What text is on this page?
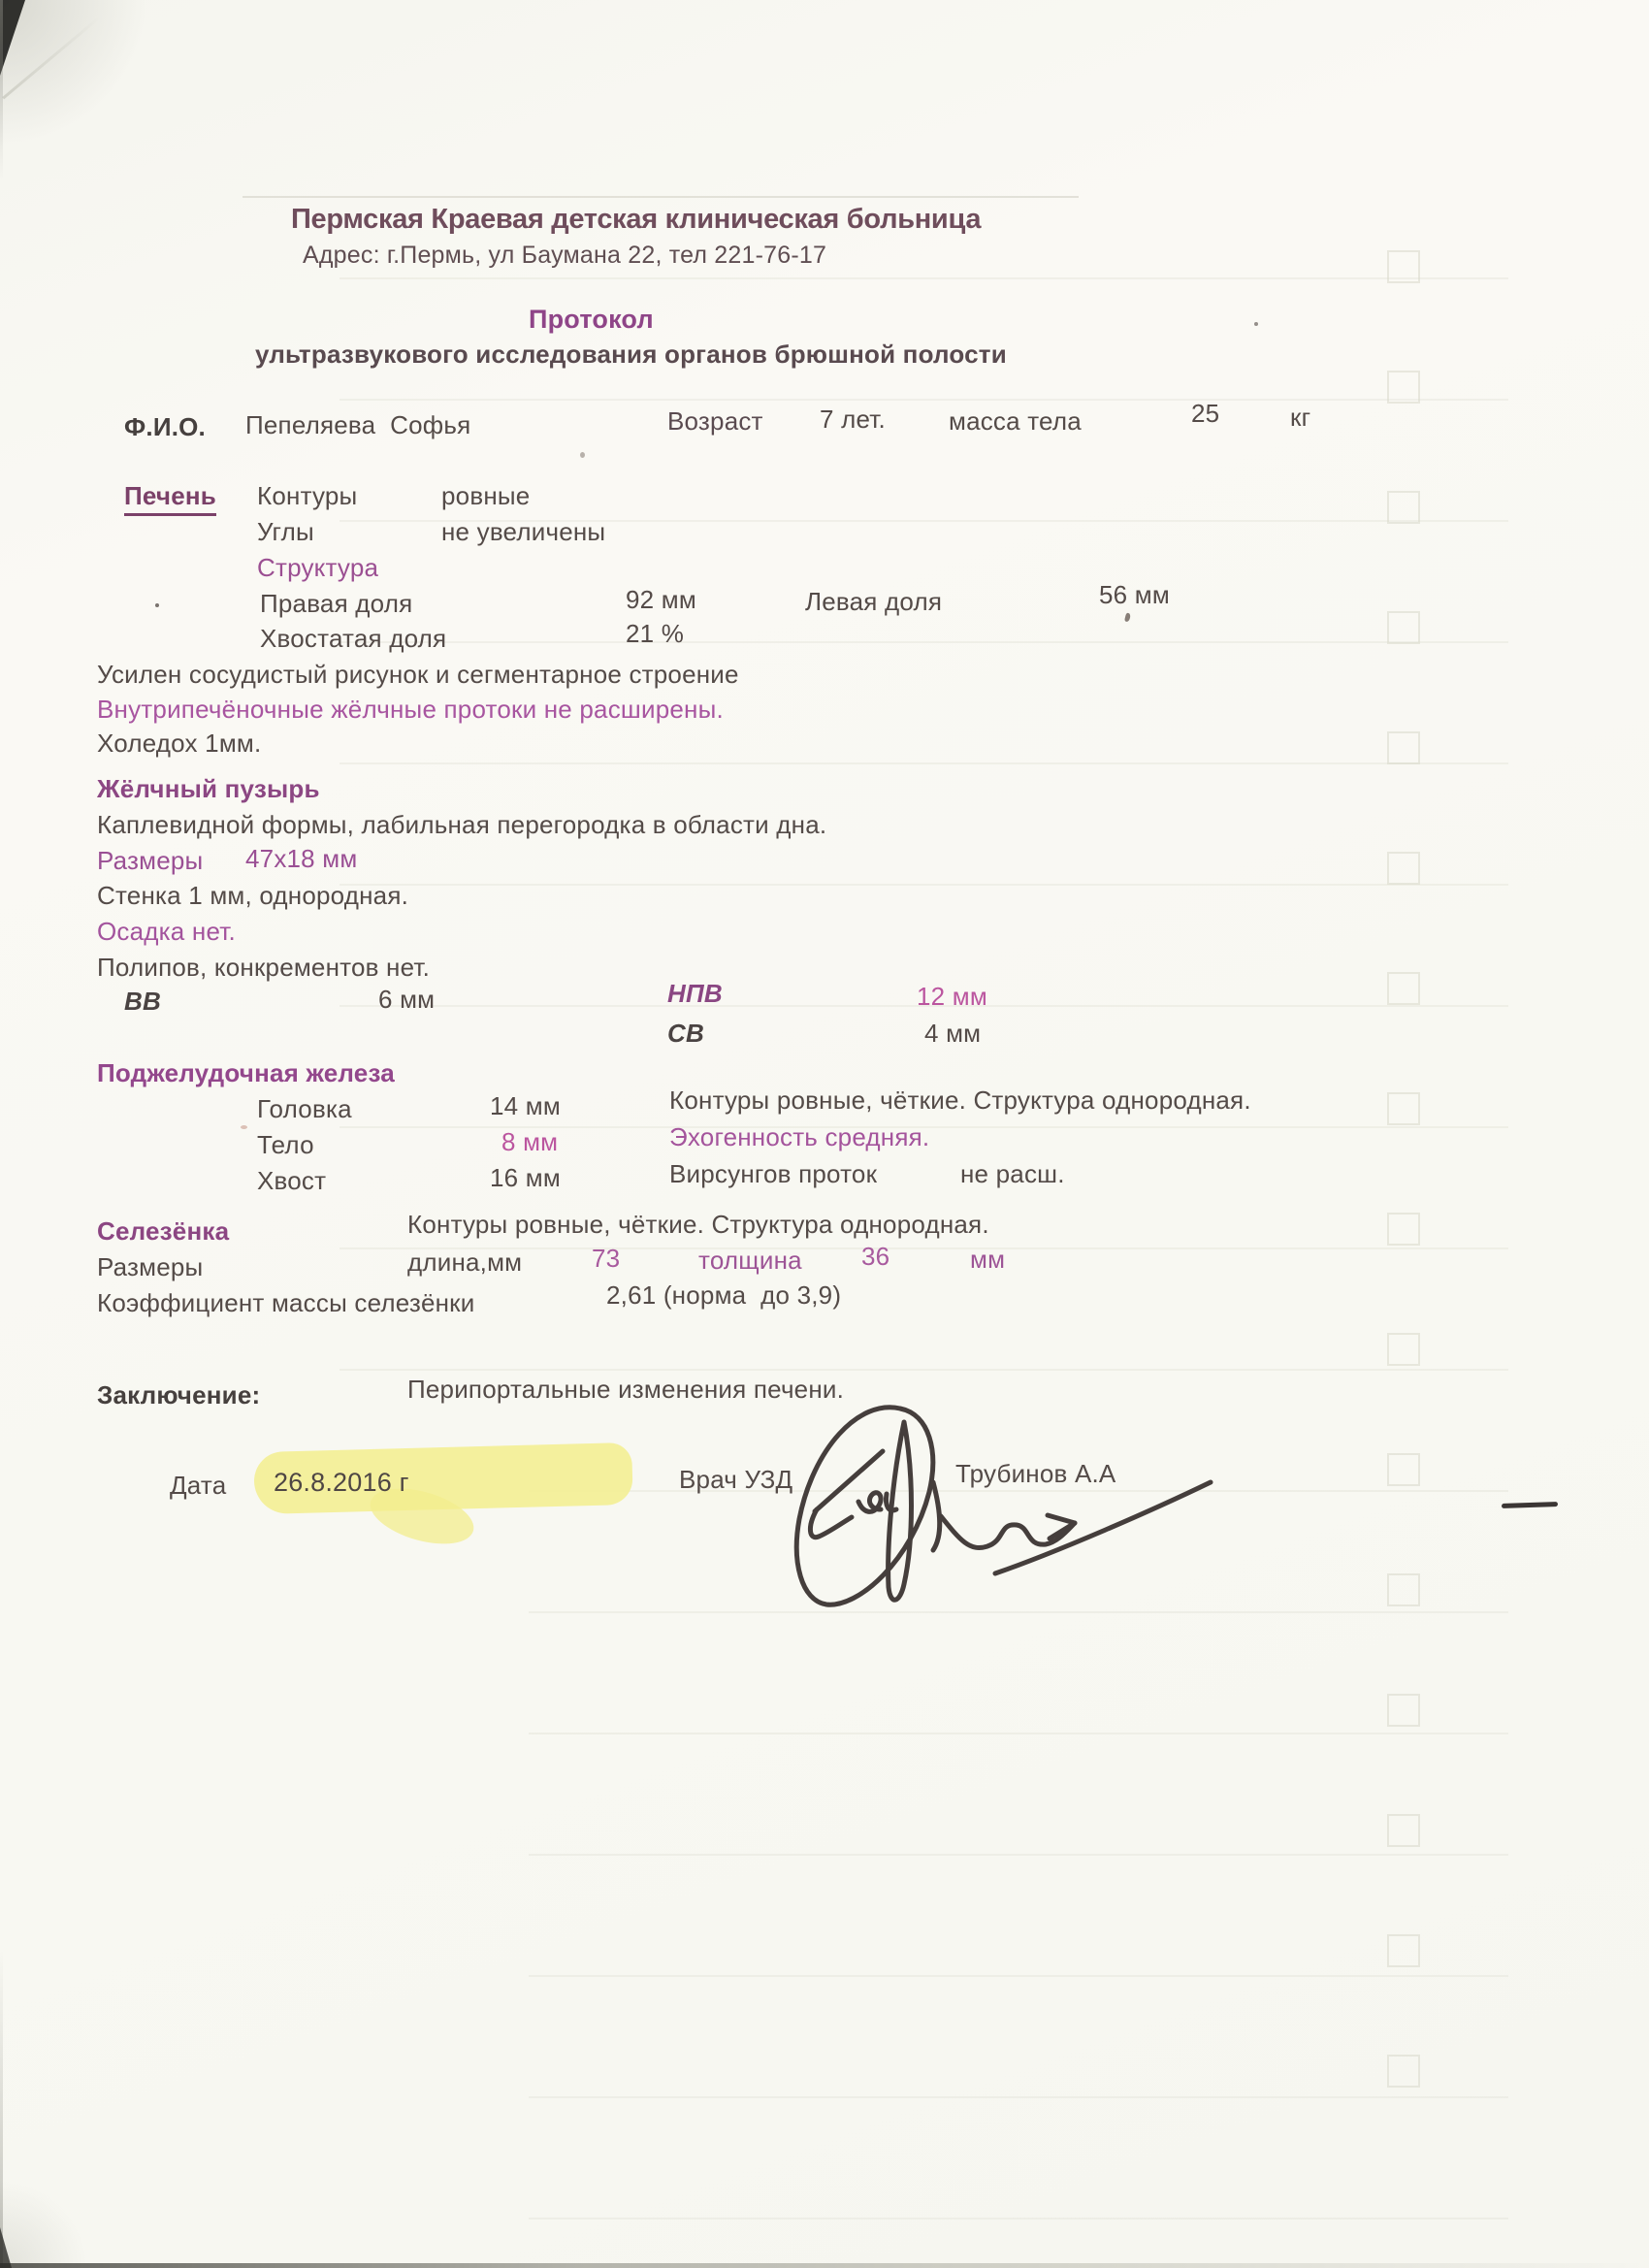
Пермская Краевая детская клиническая больница
Адрес: г.Пермь, ул Баумана 22, тел 221-76-17
Протокол
ультразвукового исследования органов брюшной полости
Ф.И.О. Пепеляева  Софья	Возраст 7 лет.	масса тела	25	кг
Печень Контуры	ровные
Углы	не увеличены
Структура
Правая доля	92 мм	Левая доля	56 мм
Хвостатая доля	21 %
Усилен сосудистый рисунок и сегментарное строение
Внутрипечёночные жёлчные протоки не расширены.
Холедох 1мм.
Жёлчный пузырь
Каплевидной формы, лабильная перегородка в области дна.
Размеры 47х18 мм
Стенка 1 мм, однородная.
Осадка нет.
Полипов, конкрементов нет.
ВВ	6 мм	НПВ	12 мм
СВ	4 мм
Поджелудочная железа
Головка	14 мм	Контуры ровные, чёткие. Структура однородная.
Тело	8 мм	Эхогенность средняя.
Хвост	16 мм	Вирсунгов проток	не расш.
Селезёнка	Контуры ровные, чёткие. Структура однородная.
Размеры	длина,мм	73	толщина 36	мм
Коэффициент массы селезёнки	2,61 (норма  до 3,9)
Заключение:	Перипортальные изменения печени.
Дата 26.8.2016 г	Врач УЗД	Трубинов А.А
